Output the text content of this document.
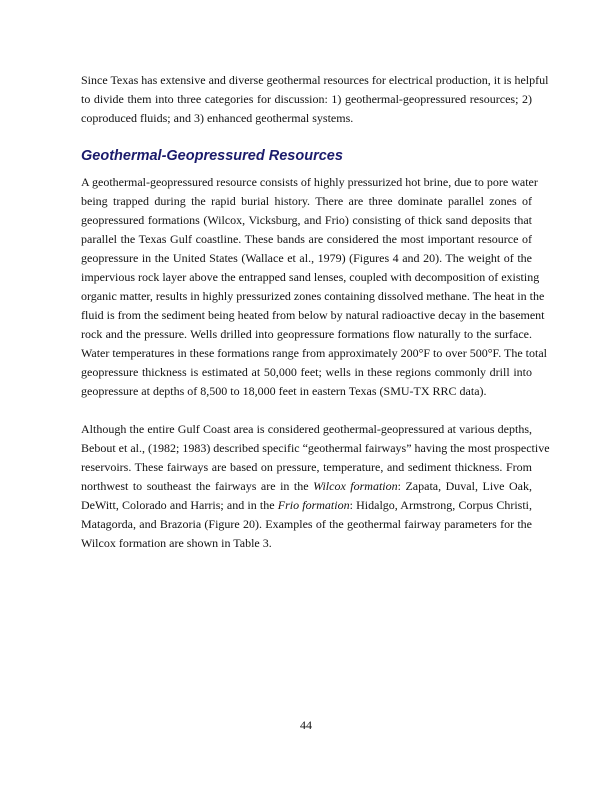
Since Texas has extensive and diverse geothermal resources for electrical production, it is helpful
to divide them into three categories for discussion: 1) geothermal-geopressured resources; 2)
coproduced fluids; and 3) enhanced geothermal systems.
Geothermal-Geopressured Resources
A geothermal-geopressured resource consists of highly pressurized hot brine, due to pore water
being trapped during the rapid burial history. There are three dominate parallel zones of
geopressured formations (Wilcox, Vicksburg, and Frio) consisting of thick sand deposits that
parallel the Texas Gulf coastline. These bands are considered the most important resource of
geopressure in the United States (Wallace et al., 1979) (Figures 4 and 20). The weight of the
impervious rock layer above the entrapped sand lenses, coupled with decomposition of existing
organic matter, results in highly pressurized zones containing dissolved methane. The heat in the
fluid is from the sediment being heated from below by natural radioactive decay in the basement
rock and the pressure. Wells drilled into geopressure formations flow naturally to the surface.
Water temperatures in these formations range from approximately 200°F to over 500°F. The total
geopressure thickness is estimated at 50,000 feet; wells in these regions commonly drill into
geopressure at depths of 8,500 to 18,000 feet in eastern Texas (SMU-TX RRC data).
Although the entire Gulf Coast area is considered geothermal-geopressured at various depths,
Bebout et al., (1982; 1983) described specific “geothermal fairways” having the most prospective
reservoirs. These fairways are based on pressure, temperature, and sediment thickness. From
northwest to southeast the fairways are in the Wilcox formation: Zapata, Duval, Live Oak,
DeWitt, Colorado and Harris; and in the Frio formation: Hidalgo, Armstrong, Corpus Christi,
Matagorda, and Brazoria (Figure 20). Examples of the geothermal fairway parameters for the
Wilcox formation are shown in Table 3.
44
